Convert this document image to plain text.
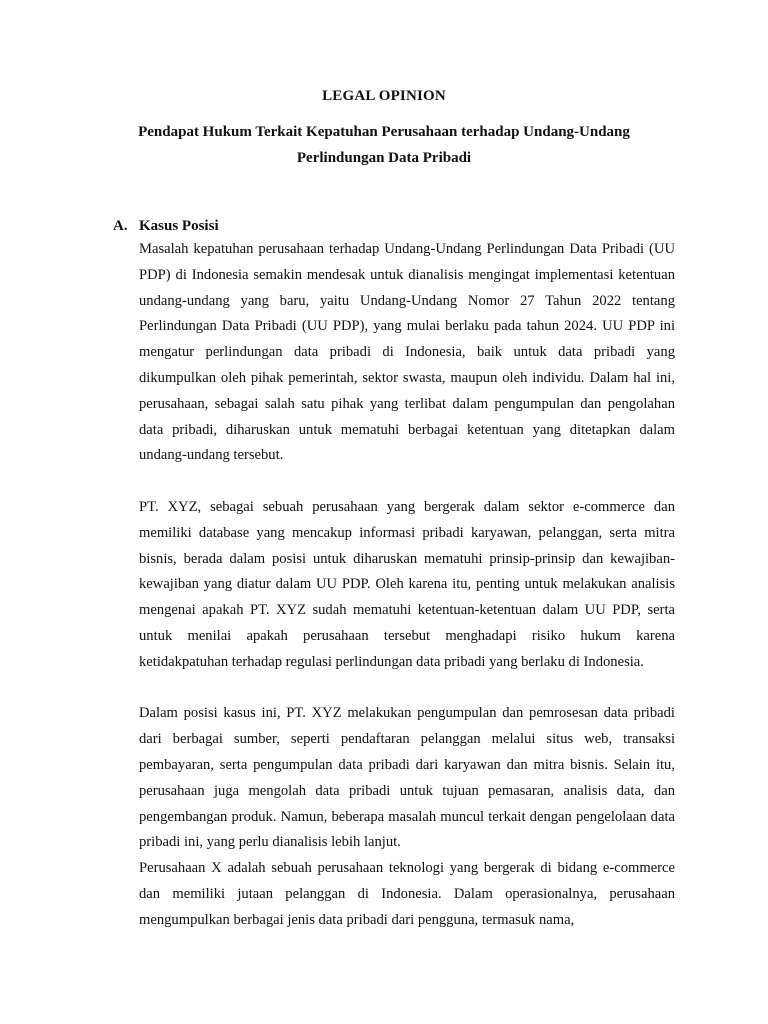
LEGAL OPINION
Pendapat Hukum Terkait Kepatuhan Perusahaan terhadap Undang-Undang Perlindungan Data Pribadi
A. Kasus Posisi

Masalah kepatuhan perusahaan terhadap Undang-Undang Perlindungan Data Pribadi (UU PDP) di Indonesia semakin mendesak untuk dianalisis mengingat implementasi ketentuan undang-undang yang baru, yaitu Undang-Undang Nomor 27 Tahun 2022 tentang Perlindungan Data Pribadi (UU PDP), yang mulai berlaku pada tahun 2024. UU PDP ini mengatur perlindungan data pribadi di Indonesia, baik untuk data pribadi yang dikumpulkan oleh pihak pemerintah, sektor swasta, maupun oleh individu. Dalam hal ini, perusahaan, sebagai salah satu pihak yang terlibat dalam pengumpulan dan pengolahan data pribadi, diharuskan untuk mematuhi berbagai ketentuan yang ditetapkan dalam undang-undang tersebut.

PT. XYZ, sebagai sebuah perusahaan yang bergerak dalam sektor e-commerce dan memiliki database yang mencakup informasi pribadi karyawan, pelanggan, serta mitra bisnis, berada dalam posisi untuk diharuskan mematuhi prinsip-prinsip dan kewajiban-kewajiban yang diatur dalam UU PDP. Oleh karena itu, penting untuk melakukan analisis mengenai apakah PT. XYZ sudah mematuhi ketentuan-ketentuan dalam UU PDP, serta untuk menilai apakah perusahaan tersebut menghadapi risiko hukum karena ketidakpatuhan terhadap regulasi perlindungan data pribadi yang berlaku di Indonesia.

Dalam posisi kasus ini, PT. XYZ melakukan pengumpulan dan pemrosesan data pribadi dari berbagai sumber, seperti pendaftaran pelanggan melalui situs web, transaksi pembayaran, serta pengumpulan data pribadi dari karyawan dan mitra bisnis. Selain itu, perusahaan juga mengolah data pribadi untuk tujuan pemasaran, analisis data, dan pengembangan produk. Namun, beberapa masalah muncul terkait dengan pengelolaan data pribadi ini, yang perlu dianalisis lebih lanjut.

Perusahaan X adalah sebuah perusahaan teknologi yang bergerak di bidang e-commerce dan memiliki jutaan pelanggan di Indonesia. Dalam operasionalnya, perusahaan mengumpulkan berbagai jenis data pribadi dari pengguna, termasuk nama,
